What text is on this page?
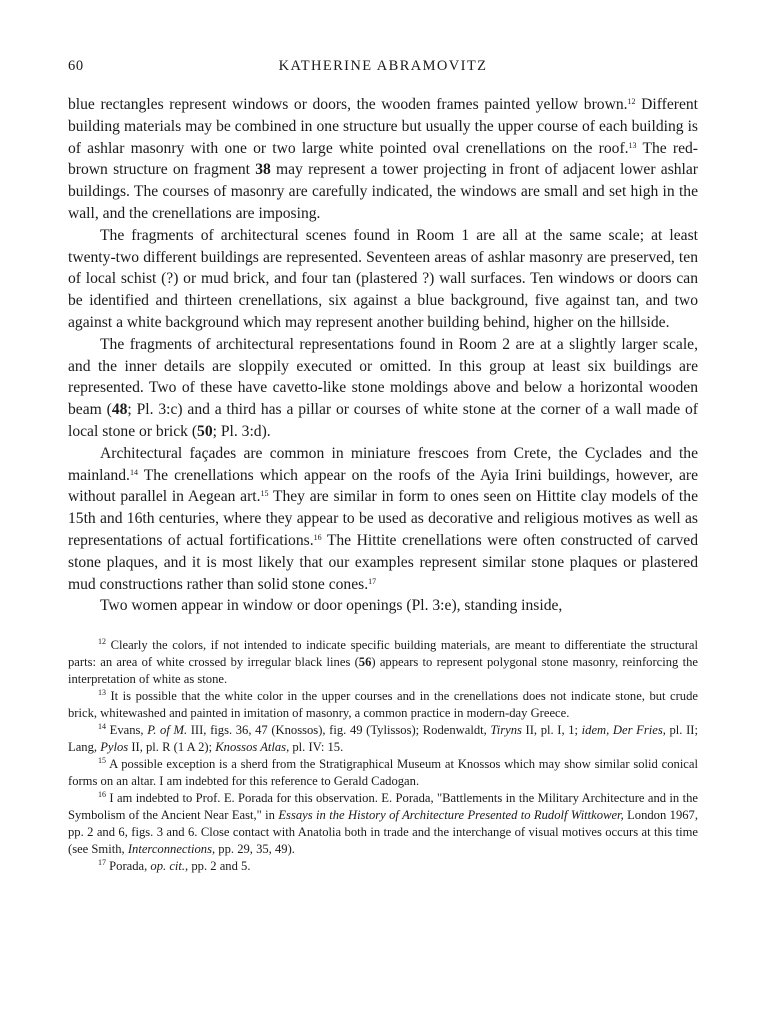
60	KATHERINE ABRAMOVITZ

blue rectangles represent windows or doors, the wooden frames painted yellow brown.$^{12}$ Different building materials may be combined in one structure but usually the upper course of each building is of ashlar masonry with one or two large white pointed oval crenellations on the roof.$^{13}$ The red-brown structure on fragment 38 may represent a tower projecting in front of adjacent lower ashlar buildings. The courses of masonry are carefully indicated, the windows are small and set high in the wall, and the crenellations are imposing.

The fragments of architectural scenes found in Room 1 are all at the same scale; at least twenty-two different buildings are represented. Seventeen areas of ashlar masonry are preserved, ten of local schist (?) or mud brick, and four tan (plastered ?) wall surfaces. Ten windows or doors can be identified and thirteen crenellations, six against a blue background, five against tan, and two against a white background which may represent another building behind, higher on the hillside.

The fragments of architectural representations found in Room 2 are at a slightly larger scale, and the inner details are sloppily executed or omitted. In this group at least six buildings are represented. Two of these have cavetto-like stone moldings above and below a horizontal wooden beam (48; Pl. 3:c) and a third has a pillar or courses of white stone at the corner of a wall made of local stone or brick (50; Pl. 3:d).

Architectural façades are common in miniature frescoes from Crete, the Cyclades and the mainland.$^{14}$ The crenellations which appear on the roofs of the Ayia Irini buildings, however, are without parallel in Aegean art.$^{15}$ They are similar in form to ones seen on Hittite clay models of the 15th and 16th centuries, where they appear to be used as decorative and religious motives as well as representations of actual fortifications.$^{16}$ The Hittite crenellations were often constructed of carved stone plaques, and it is most likely that our examples represent similar stone plaques or plastered mud constructions rather than solid stone cones.$^{17}$

Two women appear in window or door openings (Pl. 3:e), standing inside,

$^{12}$ Clearly the colors, if not intended to indicate specific building materials, are meant to differentiate the structural parts: an area of white crossed by irregular black lines (56) appears to represent polygonal stone masonry, reinforcing the interpretation of white as stone.

$^{13}$ It is possible that the white color in the upper courses and in the crenellations does not indicate stone, but crude brick, whitewashed and painted in imitation of masonry, a common practice in modern-day Greece.

$^{14}$ Evans, P. of M. III, figs. 36, 47 (Knossos), fig. 49 (Tylissos); Rodenwaldt, Tiryns II, pl. I, 1; idem, Der Fries, pl. II; Lang, Pylos II, pl. R (1 A 2); Knossos Atlas, pl. IV: 15.

$^{15}$ A possible exception is a sherd from the Stratigraphical Museum at Knossos which may show similar solid conical forms on an altar. I am indebted for this reference to Gerald Cadogan.

$^{16}$ I am indebted to Prof. E. Porada for this observation. E. Porada, "Battlements in the Military Architecture and in the Symbolism of the Ancient Near East," in Essays in the History of Architecture Presented to Rudolf Wittkower, London 1967, pp. 2 and 6, figs. 3 and 6. Close contact with Anatolia both in trade and the interchange of visual motives occurs at this time (see Smith, Interconnections, pp. 29, 35, 49).

$^{17}$ Porada, op. cit., pp. 2 and 5.
